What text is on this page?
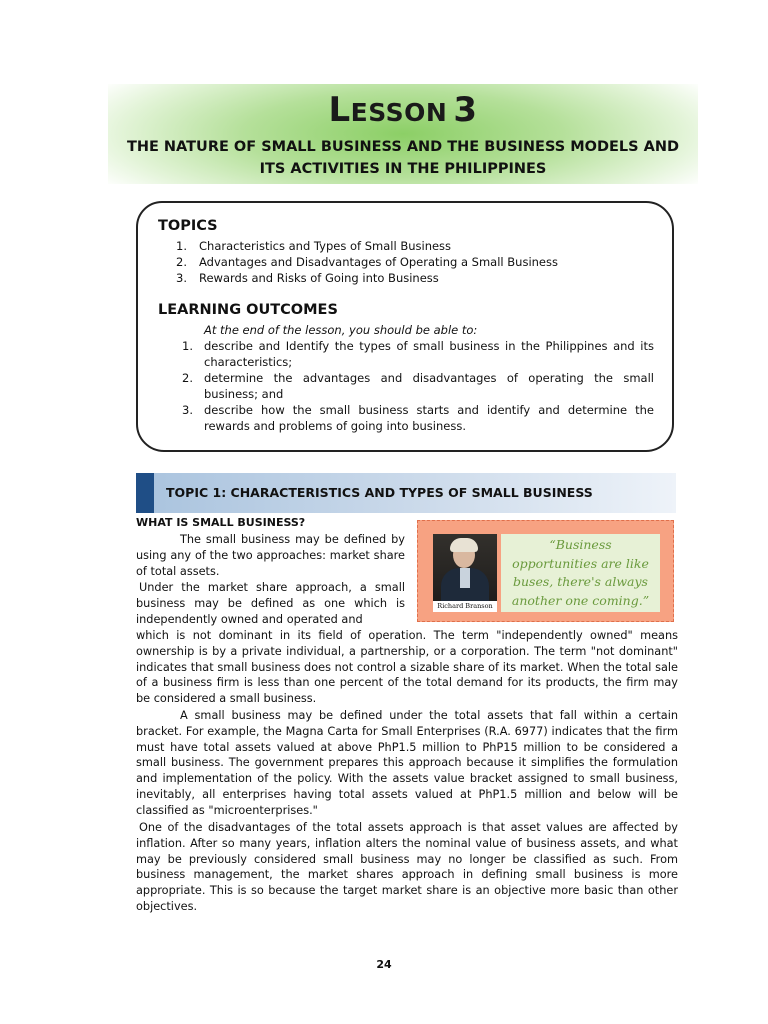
LESSON 3
THE NATURE OF SMALL BUSINESS AND THE BUSINESS MODELS AND
ITS ACTIVITIES IN THE PHILIPPINES
TOPICS
1. Characteristics and Types of Small Business
2. Advantages and Disadvantages of Operating a Small Business
3. Rewards and Risks of Going into Business
LEARNING OUTCOMES
At the end of the lesson, you should be able to:
1. describe and Identify the types of small business in the Philippines and its characteristics;
2. determine the advantages and disadvantages of operating the small business; and
3. describe how the small business starts and identify and determine the rewards and problems of going into business.
TOPIC 1: CHARACTERISTICS AND TYPES OF SMALL BUSINESS
WHAT IS SMALL BUSINESS?

The small business may be defined by using any of the two approaches: market share of total assets.

Under the market share approach, a small business may be defined as one which is independently owned and operated and

which is not dominant in its field of operation. The term "independently owned" means ownership is by a private individual, a partnership, or a corporation. The term "not dominant" indicates that small business does not control a sizable share of its market. When the total sale of a business firm is less than one percent of the total demand for its products, the firm may be considered a small business.

A small business may be defined under the total assets that fall within a certain bracket. For example, the Magna Carta for Small Enterprises (R.A. 6977) indicates that the firm must have total assets valued at above PhP1.5 million to PhP15 million to be considered a small business. The government prepares this approach because it simplifies the formulation and implementation of the policy. With the assets value bracket assigned to small business, inevitably, all enterprises having total assets valued at PhP1.5 million and below will be classified as "microenterprises."

One of the disadvantages of the total assets approach is that asset values are affected by inflation. After so many years, inflation alters the nominal value of business assets, and what may be previously considered small business may no longer be classified as such. From business management, the market shares approach in defining small business is more appropriate. This is so because the target market share is an objective more basic than other objectives.

Richard Branson
“Business opportunities are like buses, there's always another one coming.”
24
